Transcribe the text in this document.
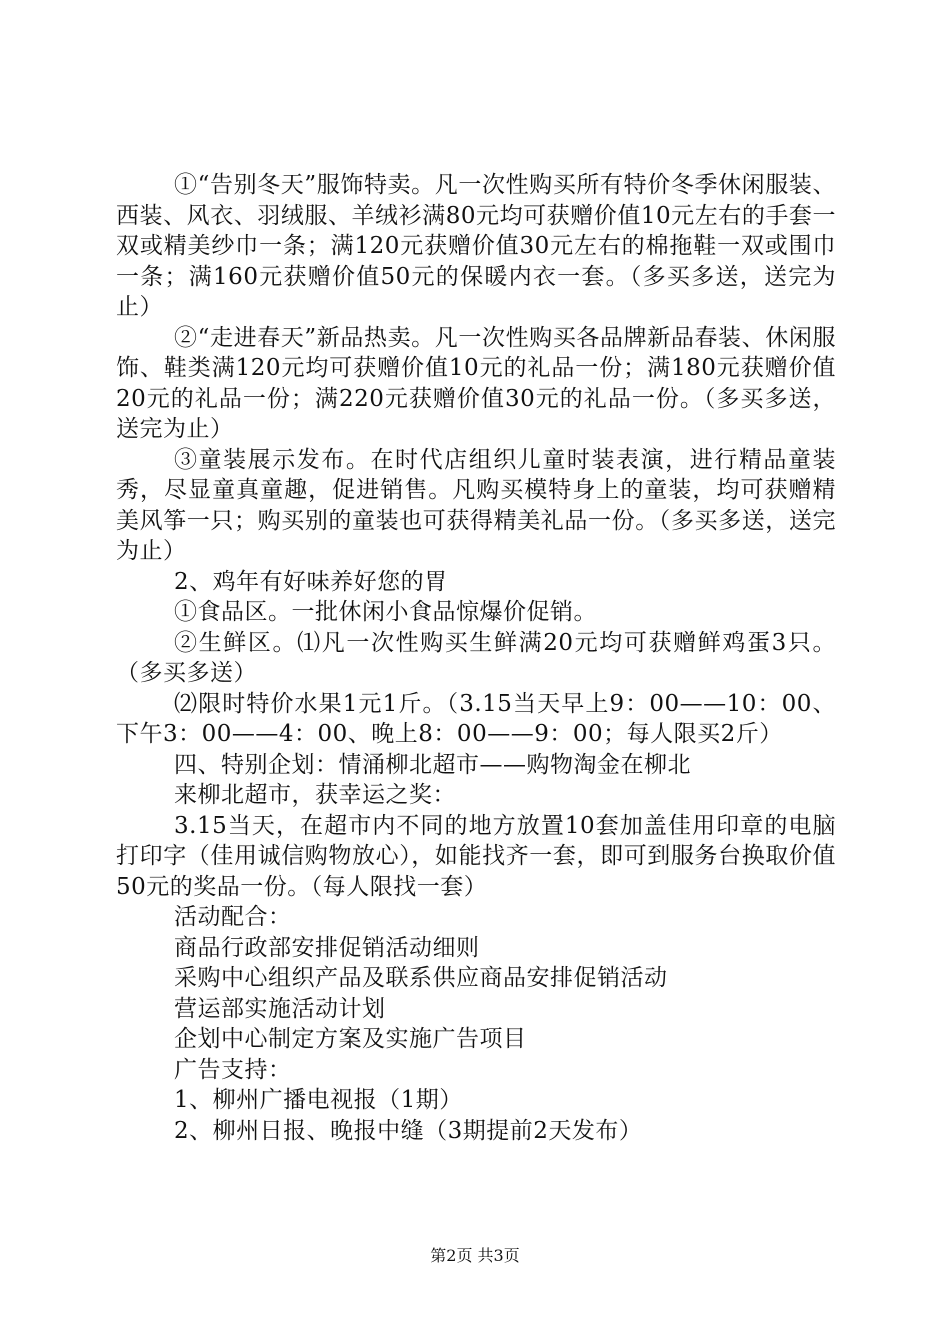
①“告别冬天”服饰特卖。凡一次性购买所有特价冬季休闲服装、西装、风衣、羽绒服、羊绒衫满80元均可获赠价值10元左右的手套一双或精美纱巾一条；满120元获赠价值30元左右的棉拖鞋一双或围巾一条；满160元获赠价值50元的保暖内衣一套。（多买多送，送完为止）

②“走进春天”新品热卖。凡一次性购买各品牌新品春装、休闲服饰、鞋类满120元均可获赠价值10元的礼品一份；满180元获赠价值20元的礼品一份；满220元获赠价值30元的礼品一份。（多买多送，送完为止）

③童装展示发布。在时代店组织儿童时装表演，进行精品童装秀，尽显童真童趣，促进销售。凡购买模特身上的童装，均可获赠精美风筝一只；购买别的童装也可获得精美礼品一份。（多买多送，送完为止）

2、鸡年有好味养好您的胃

①食品区。一批休闲小食品惊爆价促销。

②生鲜区。⑴凡一次性购买生鲜满20元均可获赠鲜鸡蛋3只。（多买多送）

⑵限时特价水果1元1斤。（3.15当天早上9：00——10：00、下午3：00——4：00、晚上8：00——9：00；每人限买2斤）

四、特别企划：情涌柳北超市——购物淘金在柳北

来柳北超市，获幸运之奖：

3.15当天，在超市内不同的地方放置10套加盖佳用印章的电脑打印字（佳用诚信购物放心），如能找齐一套，即可到服务台换取价值50元的奖品一份。（每人限找一套）

活动配合：

商品行政部安排促销活动细则

采购中心组织产品及联系供应商品安排促销活动

营运部实施活动计划

企划中心制定方案及实施广告项目

广告支持：

1、柳州广播电视报（1期）

2、柳州日报、晚报中缝（3期提前2天发布）

第2页 共3页
